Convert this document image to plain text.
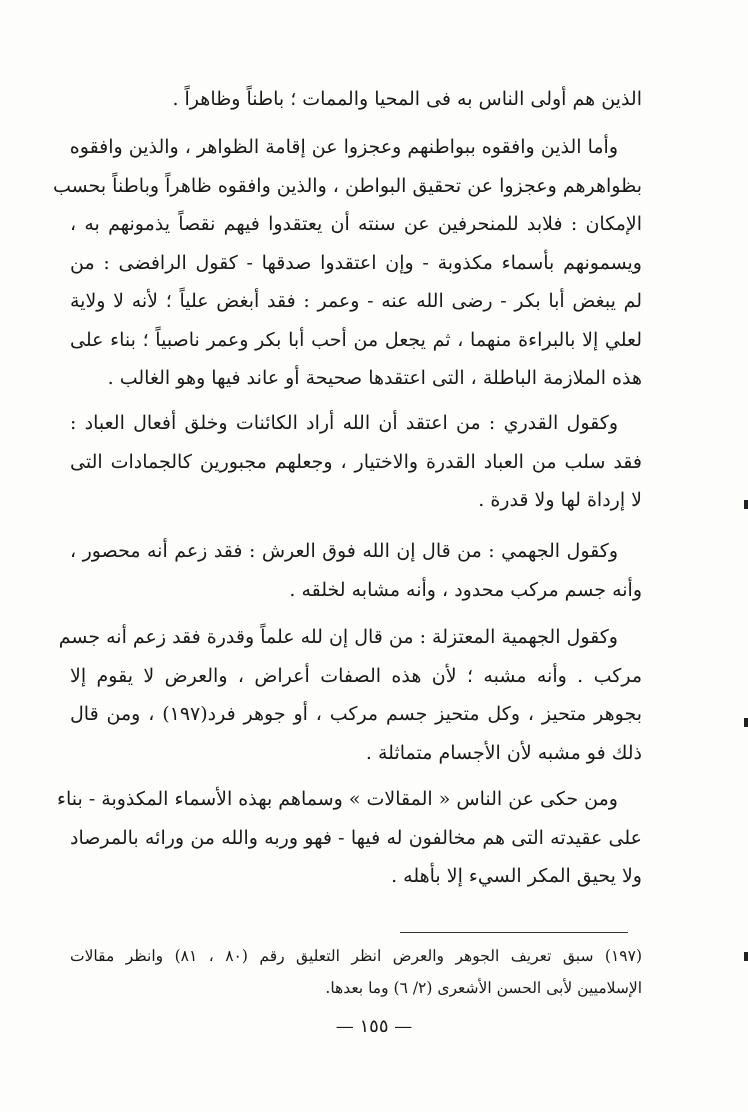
الذين هم أولى الناس به فى المحيا والممات ؛ باطناً وظاهراً .
وأما الذين وافقوه ببواطنهم وعجزوا عن إقامة الظواهر ، والذين وافقوه
بظواهرهم وعجزوا عن تحقيق البواطن ، والذين وافقوه ظاهراً وباطناً بحسب
الإمكان : فلابد للمنحرفين عن سنته أن يعتقدوا فيهم نقصاً يذمونهم به ،
ويسمونهم بأسماء مكذوبة - وإن اعتقدوا صدقها - كقول الرافضى : من
لم يبغض أبا بكر - رضى الله عنه - وعمر : فقد أبغض علياً ؛ لأنه لا ولاية
لعلي إلا بالبراءة منهما ، ثم يجعل من أحب أبا بكر وعمر ناصبياً ؛ بناء على
هذه الملازمة الباطلة ، التى اعتقدها صحيحة أو عاند فيها وهو الغالب .
وكقول القدري : من اعتقد أن الله أراد الكائنات وخلق أفعال العباد :
فقد سلب من العباد القدرة والاختيار ، وجعلهم مجبورين كالجمادات التى
لا إرداة لها ولا قدرة .
وكقول الجهمي : من قال إن الله فوق العرش : فقد زعم أنه محصور ،
وأنه جسم مركب محدود ، وأنه مشابه لخلقه .
وكقول الجهمية المعتزلة : من قال إن لله علماً وقدرة فقد زعم أنه جسم
مركب . وأنه مشبه ؛ لأن هذه الصفات أعراض ، والعرض لا يقوم إلا
بجوهر متحيز ، وكل متحيز جسم مركب ، أو جوهر فرد(١٩٧) ، ومن قال
ذلك فو مشبه لأن الأجسام متماثلة .
ومن حكى عن الناس « المقالات » وسماهم بهذه الأسماء المكذوبة - بناء
على عقيدته التى هم مخالفون له فيها - فهو وربه والله من ورائه بالمرصاد
ولا يحيق المكر السيء إلا بأهله .
(١٩٧) سبق تعريف الجوهر والعرض انظر التعليق رقم (٨٠ ، ٨١) وانظر مقالات
الإسلاميين لأبى الحسن الأشعرى (٢/ ٦) وما بعدها.
— ١٥٥ —
